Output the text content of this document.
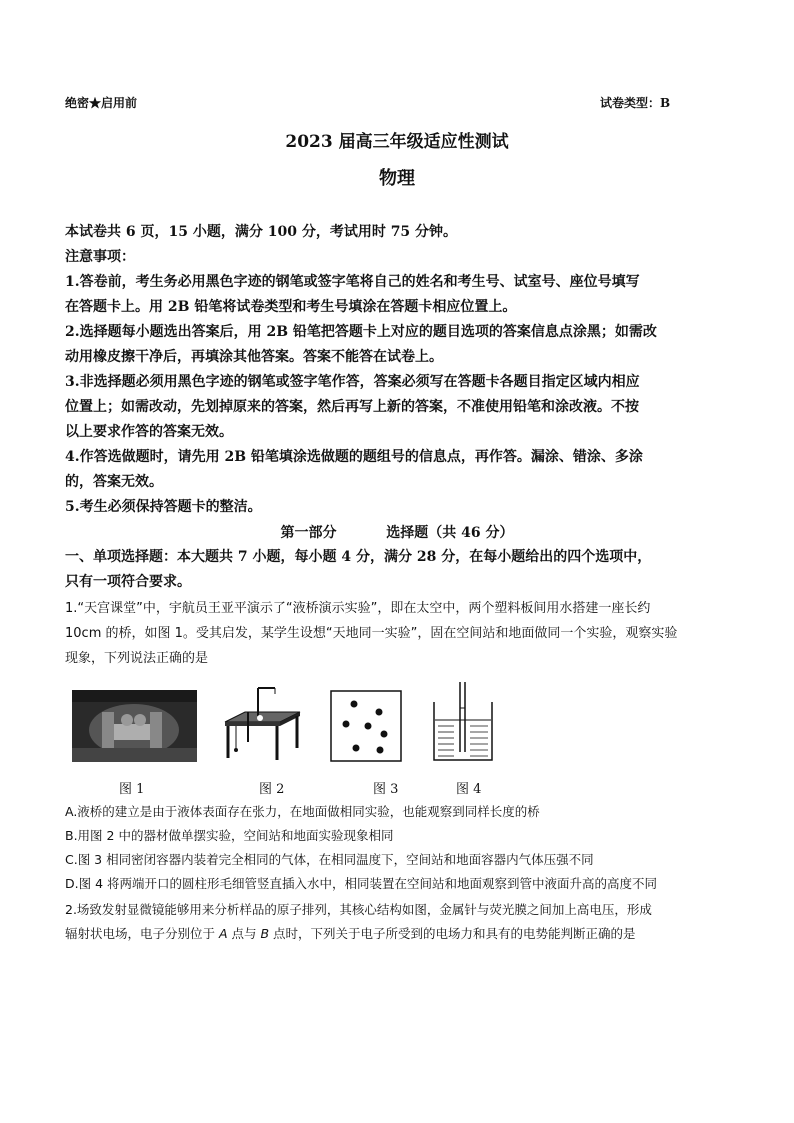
绝密★启用前	试卷类型：B
2023 届高三年级适应性测试
物理
本试卷共 6 页，15 小题，满分 100 分，考试用时 75 分钟。
注意事项：
1.答卷前，考生务必用黑色字迹的钢笔或签字笔将自己的姓名和考生号、试室号、座位号填写
在答题卡上。用 2B 铅笔将试卷类型和考生号填涂在答题卡相应位置上。
2.选择题每小题选出答案后，用 2B 铅笔把答题卡上对应的题目选项的答案信息点涂黑；如需改
动用橡皮擦干净后，再填涂其他答案。答案不能答在试卷上。
3.非选择题必须用黑色字迹的钢笔或签字笔作答，答案必须写在答题卡各题目指定区域内相应
位置上；如需改动，先划掉原来的答案，然后再写上新的答案，不准使用铅笔和涂改液。不按
以上要求作答的答案无效。
4.作答选做题时，请先用 2B 铅笔填涂选做题的题组号的信息点，再作答。漏涂、错涂、多涂
的，答案无效。
5.考生必须保持答题卡的整洁。
第一部分	选择题（共 46 分）
一、单项选择题：本大题共 7 小题，每小题 4 分，满分 28 分，在每小题给出的四个选项中，
只有一项符合要求。
1.“天宫课堂”中，宇航员王亚平演示了“液桥演示实验”，即在太空中，两个塑料板间用水搭建一座长约
10cm 的桥，如图 1。受其启发，某学生设想“天地同一实验”，固在空间站和地面做同一个实验，观察实验
现象，下列说法正确的是
图 1	图 2	图 3	图 4
A.液桥的建立是由于液体表面存在张力，在地面做相同实验，也能观察到同样长度的桥
B.用图 2 中的器材做单摆实验，空间站和地面实验现象相同
C.图 3 相同密闭容器内装着完全相同的气体，在相同温度下，空间站和地面容器内气体压强不同
D.图 4 将两端开口的圆柱形毛细管竖直插入水中，相同装置在空间站和地面观察到管中液面升高的高度不同
2.场致发射显微镜能够用来分析样品的原子排列，其核心结构如图，金属针与荧光膜之间加上高电压，形成
辐射状电场，电子分别位于 A 点与 B 点时，下列关于电子所受到的电场力和具有的电势能判断正确的是
